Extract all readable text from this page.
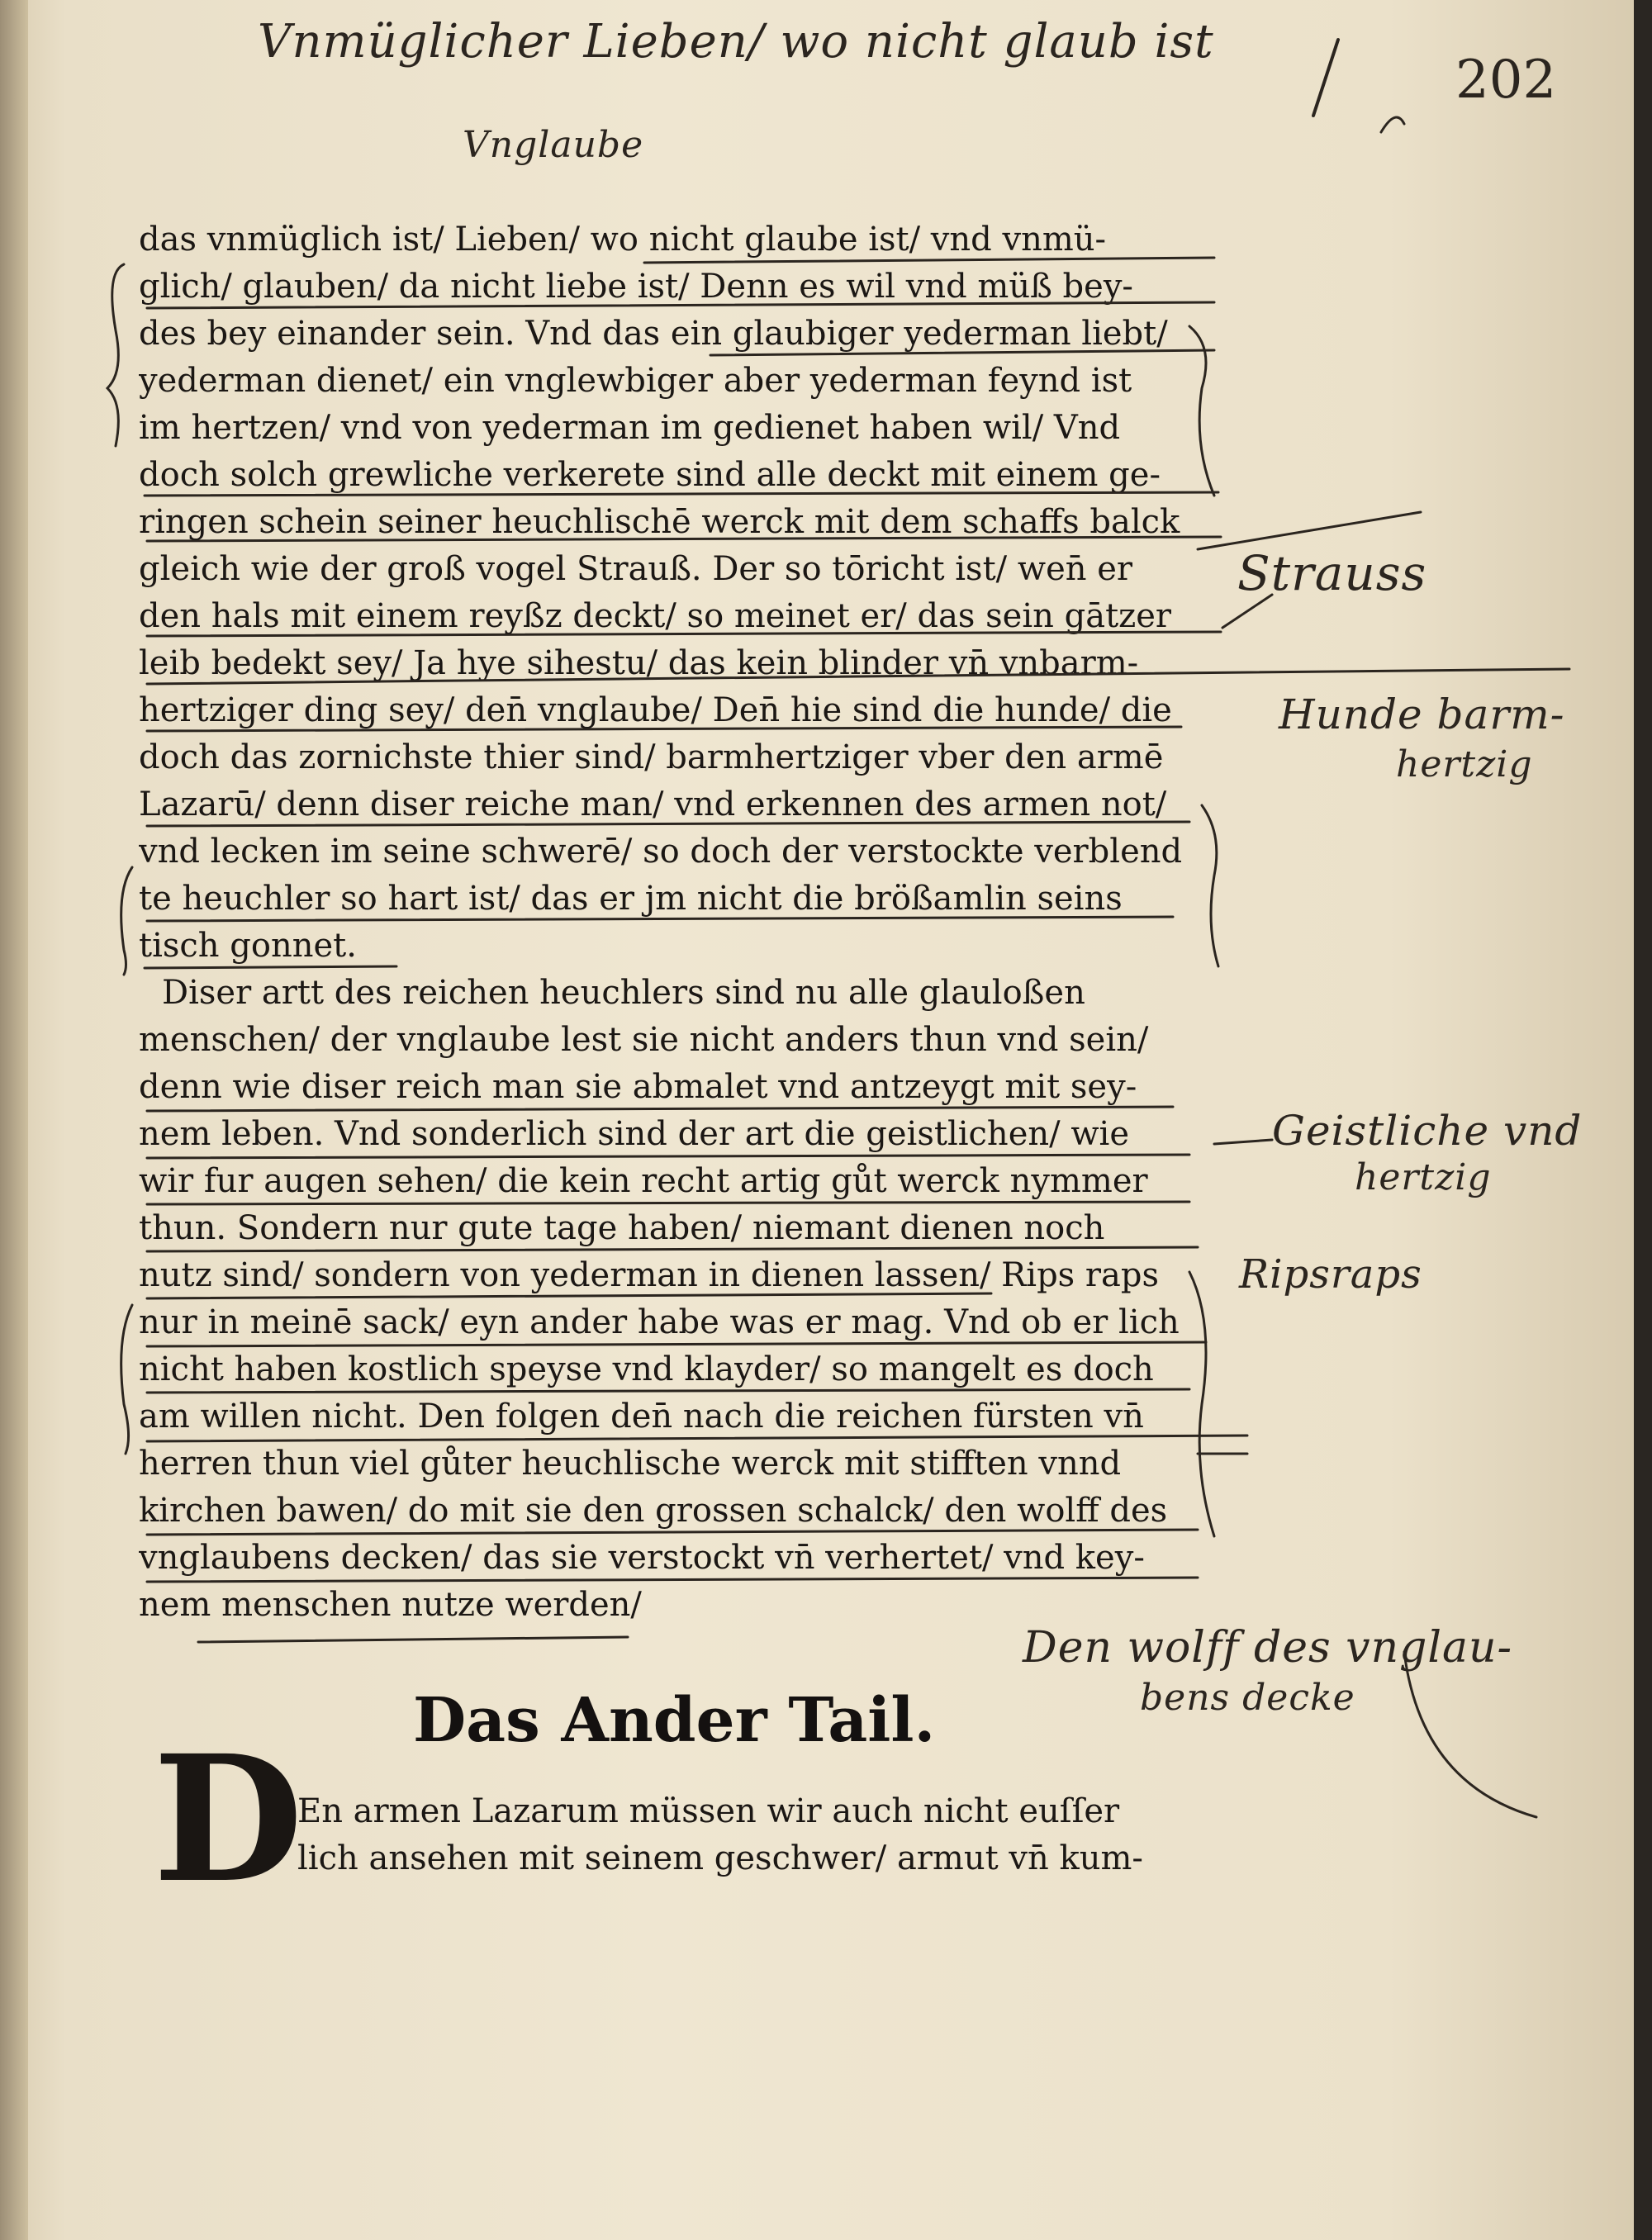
Vnmüglicher Lieben/ wo nicht glaub ist
Vnglaube
202
das vnmüglich ist/ Lieben/ wo nicht glaube ist/ vnd vnmü-
glich/ glauben/ da nicht liebe ist/ Denn es wil vnd müß bey-
des bey einander sein. Vnd das ein glaubiger yederman liebt/
yederman dienet/ ein vnglewbiger aber yederman feynd ist
im hertzen/ vnd von yederman im gedienet haben wil/ Vnd
doch solch grewliche verkerete sind alle deckt mit einem ge-
ringen schein seiner heuchlischē werck mit dem schaffs balck
gleich wie der groß vogel Strauß. Der so tōricht ist/ wen̄ er
den hals mit einem reyßz deckt/ so meinet er/ das sein gātzer
leib bedekt sey/ Ja hye sihestu/ das kein blinder vn̄ vnbarm-
hertziger ding sey/ den̄ vnglaube/ Den̄ hie sind die hunde/ die
doch das zornichste thier sind/ barmhertziger vber den armē
Lazarū/ denn diser reiche man/ vnd erkennen des armen not/
vnd lecken im seine schwerē/ so doch der verstockte verblend
te heuchler so hart ist/ das er jm nicht die brößamlin seins
tisch gonnet.
Diser artt des reichen heuchlers sind nu alle glauloßen
menschen/ der vnglaube lest sie nicht anders thun vnd sein/
denn wie diser reich man sie abmalet vnd antzeygt mit sey-
nem leben. Vnd sonderlich sind der art die geistlichen/ wie
wir fur augen sehen/ die kein recht artig gůt werck nymmer
thun. Sondern nur gute tage haben/ niemant dienen noch
nutz sind/ sondern von yederman in dienen lassen/ Rips raps
nur in meinē sack/ eyn ander habe was er mag. Vnd ob er lich
nicht haben kostlich speyse vnd klayder/ so mangelt es doch
am willen nicht. Den folgen den̄ nach die reichen fürsten vn̄
herren thun viel gůter heuchlische werck mit stifften vnnd
kirchen bawen/ do mit sie den grossen schalck/ den wolff des
vnglaubens decken/ das sie verstockt vn̄ verhertet/ vnd key-
nem menschen nutze werden/
Strauss
Hunde barm-
hertzig
Geistliche vnd
hertzig
Ripsraps
Den wolff des vnglau-
bens decke
Das Ander Tail.
D
En armen Lazarum müssen wir auch nicht euſſer
lich ansehen mit seinem geschwer/ armut vn̄ kum-
